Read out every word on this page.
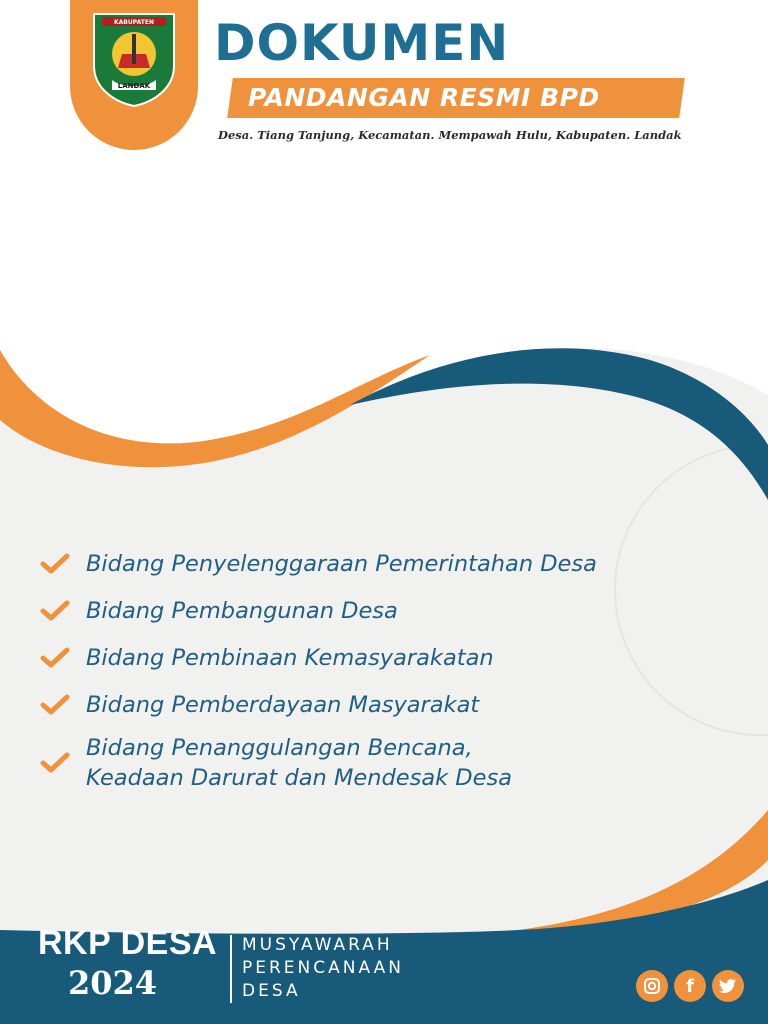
KABUPATEN
LANDAK
DOKUMEN
PANDANGAN RESMI BPD
Desa. Tiang Tanjung, Kecamatan. Mempawah Hulu, Kabupaten. Landak
Bidang Penyelenggaraan Pemerintahan Desa
Bidang Pembangunan Desa
Bidang Pembinaan Kemasyarakatan
Bidang Pemberdayaan Masyarakat
Bidang Penanggulangan Bencana,
Keadaan Darurat dan Mendesak Desa
RKP DESA
2024
MUSYAWARAH
PERENCANAAN
DESA	f
